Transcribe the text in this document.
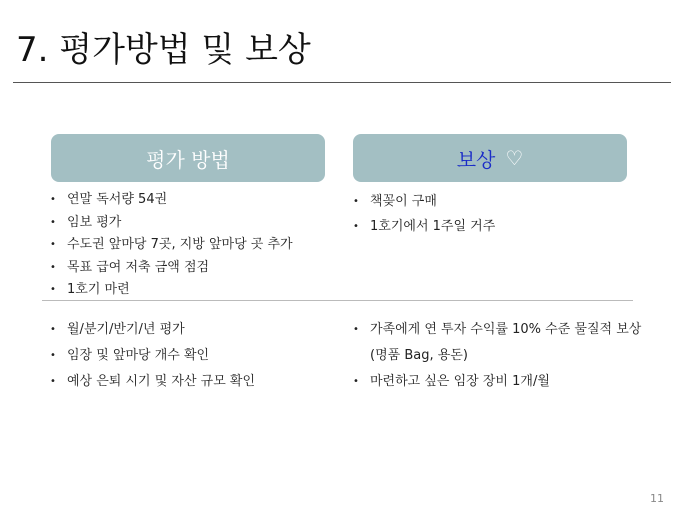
7. 평가방법 및 보상
평가 방법	보상 ♡
• 연말 독서량 54권
• 임보 평가
• 수도권 앞마당 7곳, 지방 앞마당 곳 추가
• 목표 급여 저축 금액 점검
• 1호기 마련
• 책꽂이 구매
• 1호기에서 1주일 거주
• 월/분기/반기/년 평가
• 임장 및 앞마당 개수 확인
• 예상 은퇴 시기 및 자산 규모 확인
• 가족에게 연 투자 수익률 10% 수준 물질적 보상 (명품 Bag, 용돈)
• 마련하고 싶은 임장 장비 1개/월
11
